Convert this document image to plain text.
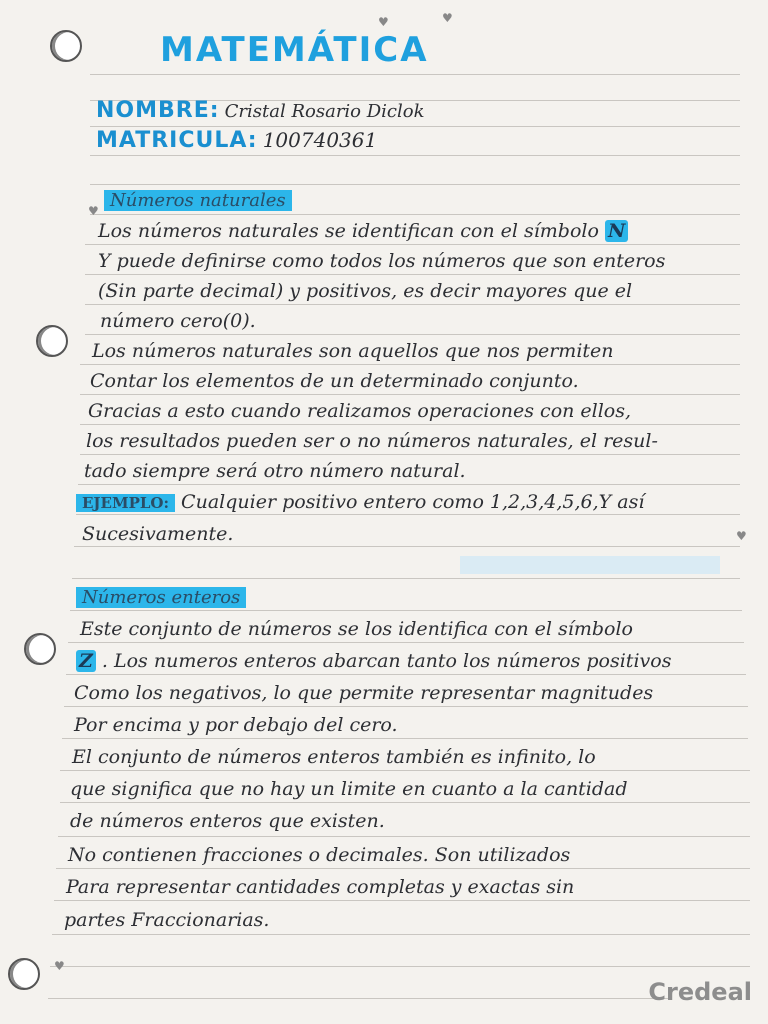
♥	♥
♥
♥
♥
MATEMÁTICA
NOMBRE: Cristal Rosario Diclok
MATRICULA: 100740361
Números naturales
Los números naturales se identifican con el símbolo N
Y puede definirse como todos los números que son enteros
(Sin parte decimal) y positivos, es decir mayores que el
número cero(0).
Los números naturales son aquellos que nos permiten
Contar los elementos de un determinado conjunto.
Gracias a esto cuando realizamos operaciones con ellos,
los resultados pueden ser o no números naturales, el resul-
tado siempre será otro número natural.
EJEMPLO: Cualquier positivo entero como 1,2,3,4,5,6,Y así
Sucesivamente.
Números enteros
Este conjunto de números se los identifica con el símbolo
Z . Los numeros enteros abarcan tanto los números positivos
Como los negativos, lo que permite representar magnitudes
Por encima y por debajo del cero.
El conjunto de números enteros también es infinito, lo
que significa que no hay un limite en cuanto a la cantidad
de números enteros que existen.
No contienen fracciones o decimales. Son utilizados
Para representar cantidades completas y exactas sin
partes Fraccionarias.
Credeal
